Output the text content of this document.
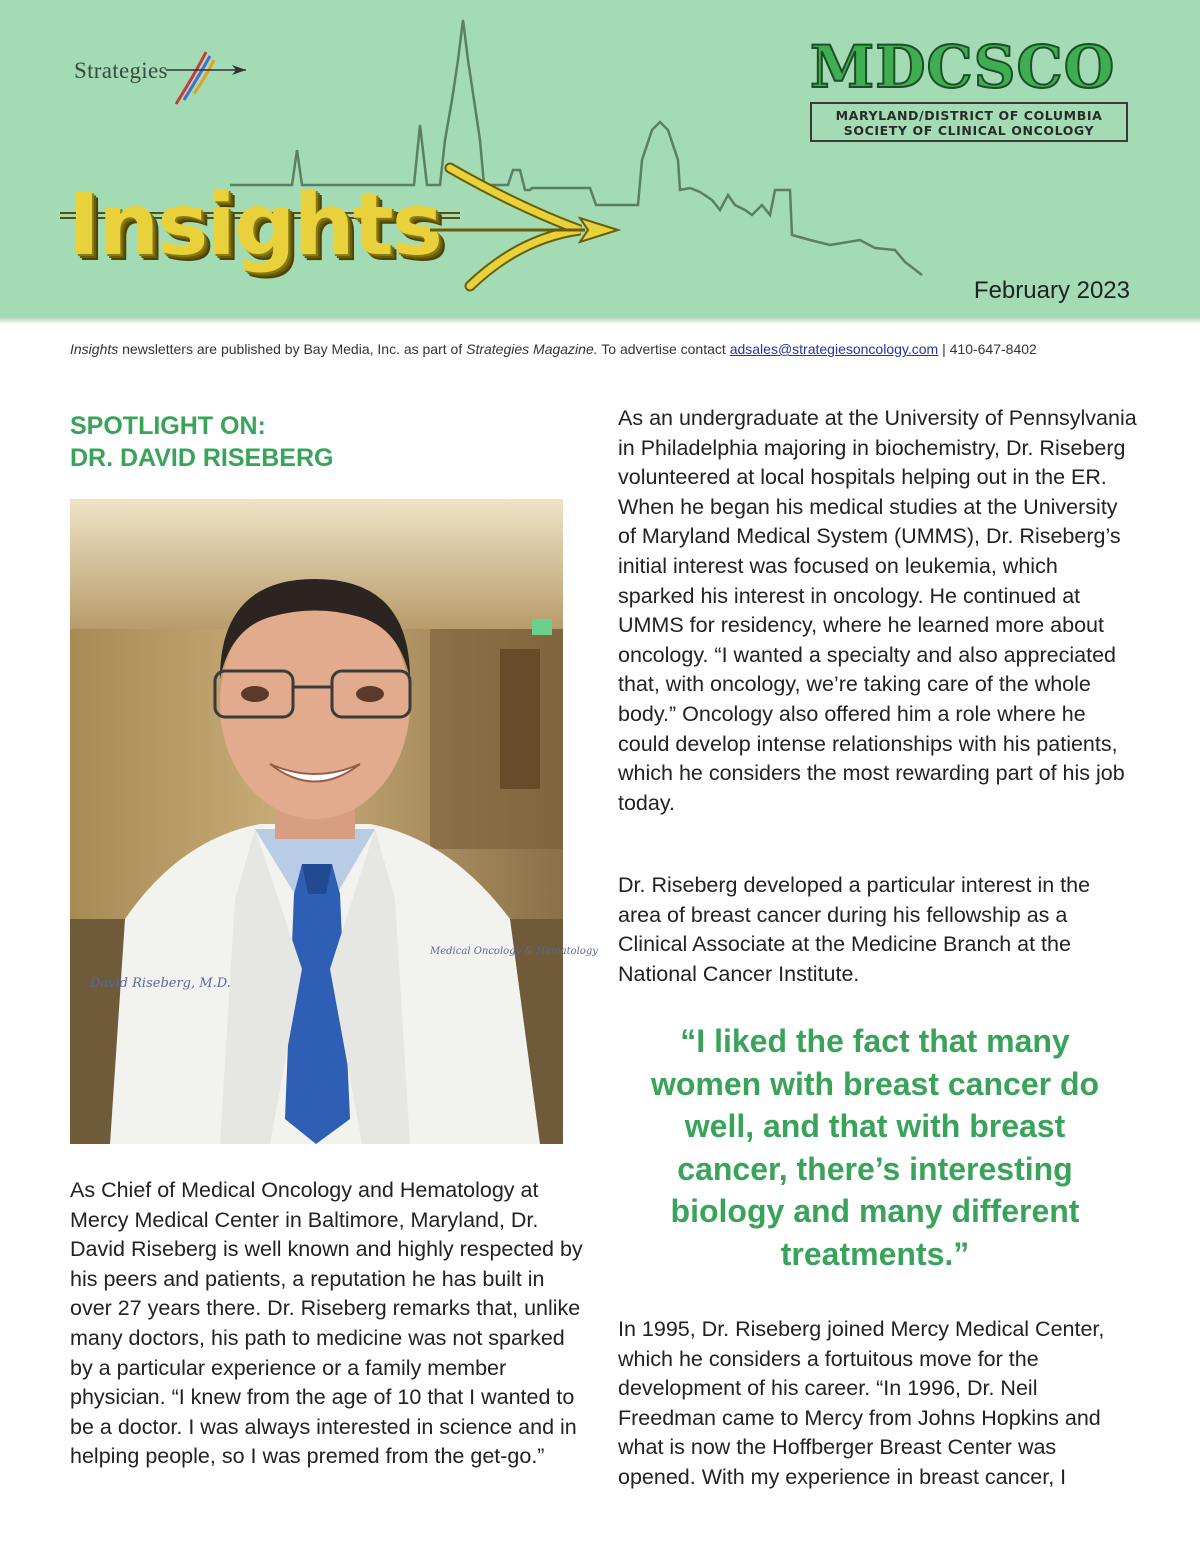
Strategies
Insights
MDCSCO
MARYLAND/DISTRICT OF COLUMBIA
SOCIETY OF CLINICAL ONCOLOGY
February 2023
Insights newsletters are published by Bay Media, Inc. as part of Strategies Magazine. To advertise contact adsales@strategiesoncology.com | 410-647-8402
SPOTLIGHT ON:
DR. DAVID RISEBERG
David Riseberg, M.D.
Medical Oncology & Hematology
As Chief of Medical Oncology and Hematology at Mercy Medical Center in Baltimore, Maryland, Dr. David Riseberg is well known and highly respected by his peers and patients, a reputation he has built in over 27 years there. Dr. Riseberg remarks that, unlike many doctors, his path to medicine was not sparked by a particular experience or a family member physician. “I knew from the age of 10 that I wanted to be a doctor. I was always interested in science and in helping people, so I was premed from the get-go.”
As an undergraduate at the University of Pennsylvania in Philadelphia majoring in biochemistry, Dr. Riseberg volunteered at local hospitals helping out in the ER. When he began his medical studies at the University of Maryland Medical System (UMMS), Dr. Riseberg’s initial interest was focused on leukemia, which sparked his interest in oncology. He continued at UMMS for residency, where he learned more about oncology. “I wanted a specialty and also appreciated that, with oncology, we’re taking care of the whole body.” Oncology also offered him a role where he could develop intense relationships with his patients, which he considers the most rewarding part of his job today.
Dr. Riseberg developed a particular interest in the area of breast cancer during his fellowship as a Clinical Associate at the Medicine Branch at the National Cancer Institute.
“I liked the fact that many women with breast cancer do well, and that with breast cancer, there’s interesting biology and many different treatments.”
In 1995, Dr. Riseberg joined Mercy Medical Center, which he considers a fortuitous move for the development of his career. “In 1996, Dr. Neil Freedman came to Mercy from Johns Hopkins and what is now the Hoffberger Breast Center was opened. With my experience in breast cancer, I
